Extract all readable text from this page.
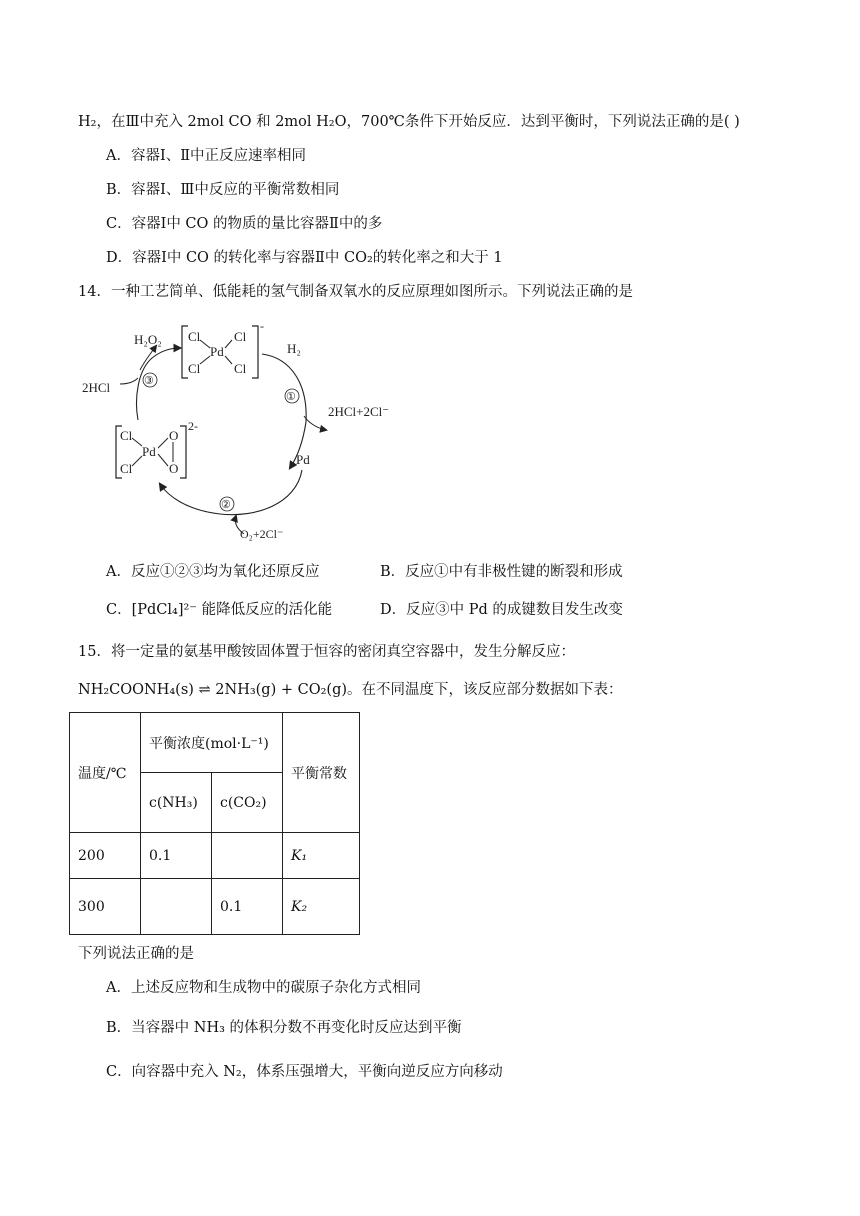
H₂，在Ⅲ中充入 2mol CO 和 2mol H₂O，700℃条件下开始反应．达到平衡时，下列说法正确的是( )
A．容器Ⅰ、Ⅱ中正反应速率相同
B．容器Ⅰ、Ⅲ中反应的平衡常数相同
C．容器Ⅰ中 CO 的物质的量比容器Ⅱ中的多
D．容器Ⅰ中 CO 的转化率与容器Ⅱ中 CO₂的转化率之和大于 1
14．一种工艺简单、低能耗的氢气制备双氧水的反应原理如图所示。下列说法正确的是
Cl
Pd
Cl
Cl	Cl
-
H₂
①
2HCl+2Cl⁻
Pd
②
O₂+2Cl⁻
Cl
Pd
O
Cl	O
2-
③
2HCl
H₂O₂
A．反应①②③均为氧化还原反应	B．反应①中有非极性键的断裂和形成
C．[PdCl₄]²⁻ 能降低反应的活化能	D．反应③中 Pd 的成键数目发生改变
15．将一定量的氨基甲酸铵固体置于恒容的密闭真空容器中，发生分解反应：
NH₂COONH₄(s) ⇌ 2NH₃(g) + CO₂(g)。在不同温度下，该反应部分数据如下表：
温度/℃	平衡浓度(mol·L⁻¹)		平衡常数
	c(NH₃)	c(CO₂)	
200	0.1		K₁
300		0.1	K₂
下列说法正确的是
A．上述反应物和生成物中的碳原子杂化方式相同
B．当容器中 NH₃ 的体积分数不再变化时反应达到平衡
C．向容器中充入 N₂，体系压强增大，平衡向逆反应方向移动
